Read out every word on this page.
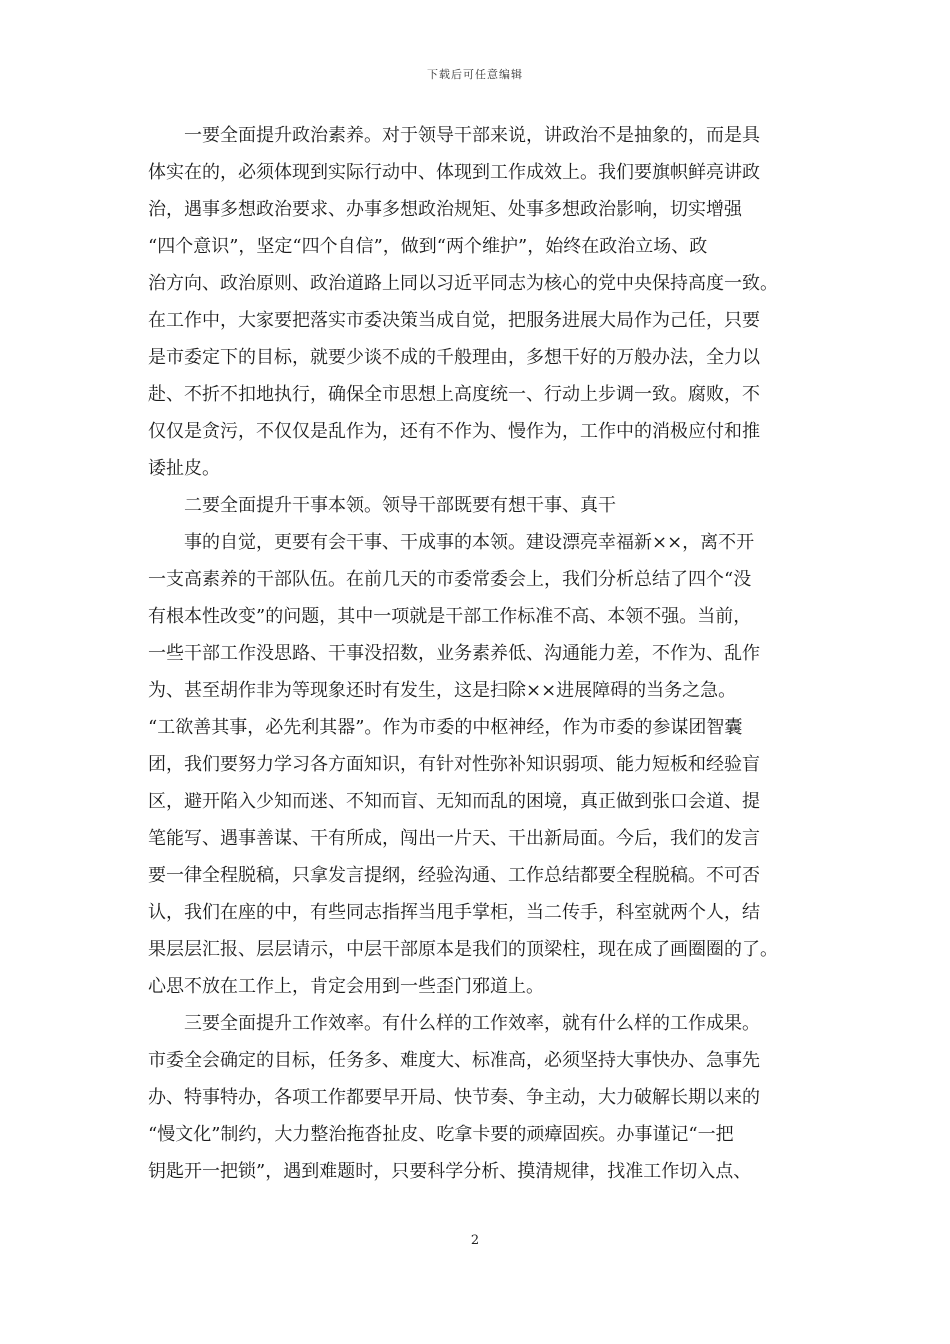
下载后可任意编辑
一要全面提升政治素养。对于领导干部来说，讲政治不是抽象的，而是具
体实在的，必须体现到实际行动中、体现到工作成效上。我们要旗帜鲜亮讲政
治，遇事多想政治要求、办事多想政治规矩、处事多想政治影响，切实增强
“四个意识”，坚定“四个自信”，做到“两个维护”，始终在政治立场、政
治方向、政治原则、政治道路上同以习近平同志为核心的党中央保持高度一致。
在工作中，大家要把落实市委决策当成自觉，把服务进展大局作为己任，只要
是市委定下的目标，就要少谈不成的千般理由，多想干好的万般办法，全力以
赴、不折不扣地执行，确保全市思想上高度统一、行动上步调一致。腐败，不
仅仅是贪污，不仅仅是乱作为，还有不作为、慢作为，工作中的消极应付和推
诿扯皮。
二要全面提升干事本领。领导干部既要有想干事、真干
事的自觉，更要有会干事、干成事的本领。建设漂亮幸福新××，离不开
一支高素养的干部队伍。在前几天的市委常委会上，我们分析总结了四个“没
有根本性改变”的问题，其中一项就是干部工作标准不高、本领不强。当前，
一些干部工作没思路、干事没招数，业务素养低、沟通能力差，不作为、乱作
为、甚至胡作非为等现象还时有发生，这是扫除××进展障碍的当务之急。
“工欲善其事，必先利其器”。作为市委的中枢神经，作为市委的参谋团智囊
团，我们要努力学习各方面知识，有针对性弥补知识弱项、能力短板和经验盲
区，避开陷入少知而迷、不知而盲、无知而乱的困境，真正做到张口会道、提
笔能写、遇事善谋、干有所成，闯出一片天、干出新局面。今后，我们的发言
要一律全程脱稿，只拿发言提纲，经验沟通、工作总结都要全程脱稿。不可否
认，我们在座的中，有些同志指挥当甩手掌柜，当二传手，科室就两个人，结
果层层汇报、层层请示，中层干部原本是我们的顶梁柱，现在成了画圈圈的了。
心思不放在工作上，肯定会用到一些歪门邪道上。
三要全面提升工作效率。有什么样的工作效率，就有什么样的工作成果。
市委全会确定的目标，任务多、难度大、标准高，必须坚持大事快办、急事先
办、特事特办，各项工作都要早开局、快节奏、争主动，大力破解长期以来的
“慢文化”制约，大力整治拖沓扯皮、吃拿卡要的顽瘴固疾。办事谨记“一把
钥匙开一把锁”，遇到难题时，只要科学分析、摸清规律，找准工作切入点、
2
